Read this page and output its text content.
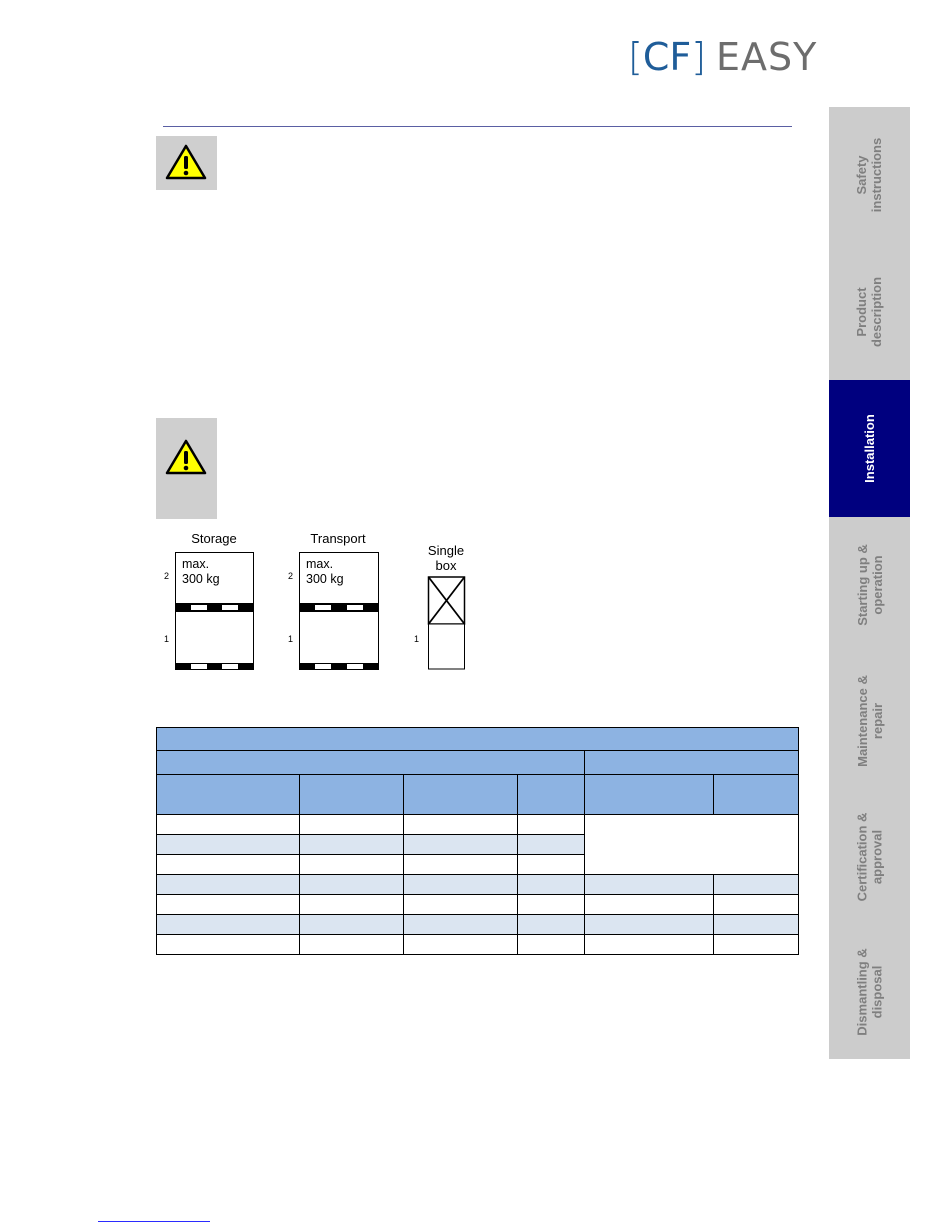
[ CF ] EASY
Storage
2
1
max.
300 kg
Transport
2
1
max.
300 kg
Single
box
1

Safety
instructions
Product
description
Installation
Starting up &
operation
Maintenance &
repair
Certification &
approval
Dismantling &
disposal
